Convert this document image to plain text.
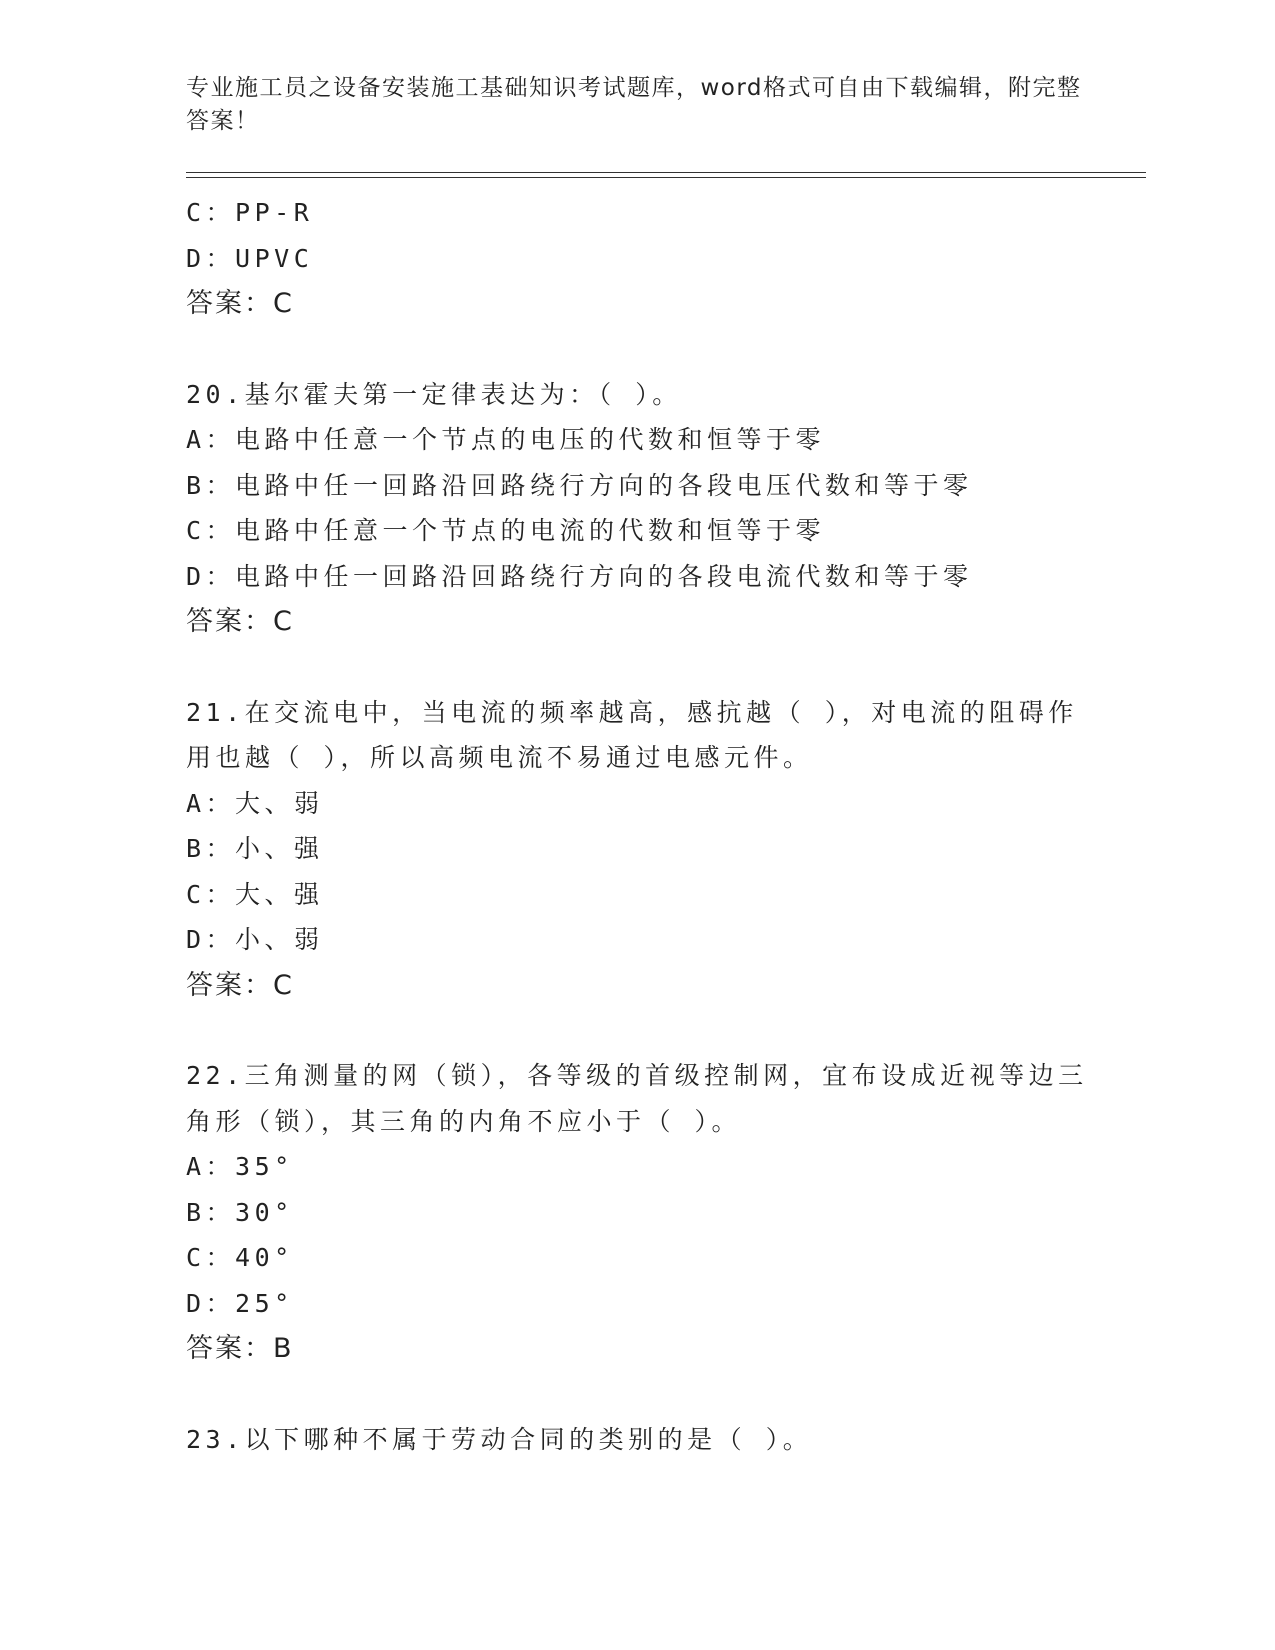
专业施工员之设备安装施工基础知识考试题库，word格式可自由下载编辑，附完整答案！
C：PP-R
D：UPVC
答案：C
20.基尔霍夫第一定律表达为：（ ）。
A：电路中任意一个节点的电压的代数和恒等于零
B：电路中任一回路沿回路绕行方向的各段电压代数和等于零
C：电路中任意一个节点的电流的代数和恒等于零
D：电路中任一回路沿回路绕行方向的各段电流代数和等于零
答案：C
21.在交流电中，当电流的频率越高，感抗越（ ），对电流的阻碍作
用也越（ ），所以高频电流不易通过电感元件。
A：大、弱
B：小、强
C：大、强
D：小、弱
答案：C
22.三角测量的网（锁），各等级的首级控制网，宜布设成近视等边三
角形（锁），其三角的内角不应小于（ ）。
A：35°
B：30°
C：40°
D：25°
答案：B
23.以下哪种不属于劳动合同的类别的是（ ）。
